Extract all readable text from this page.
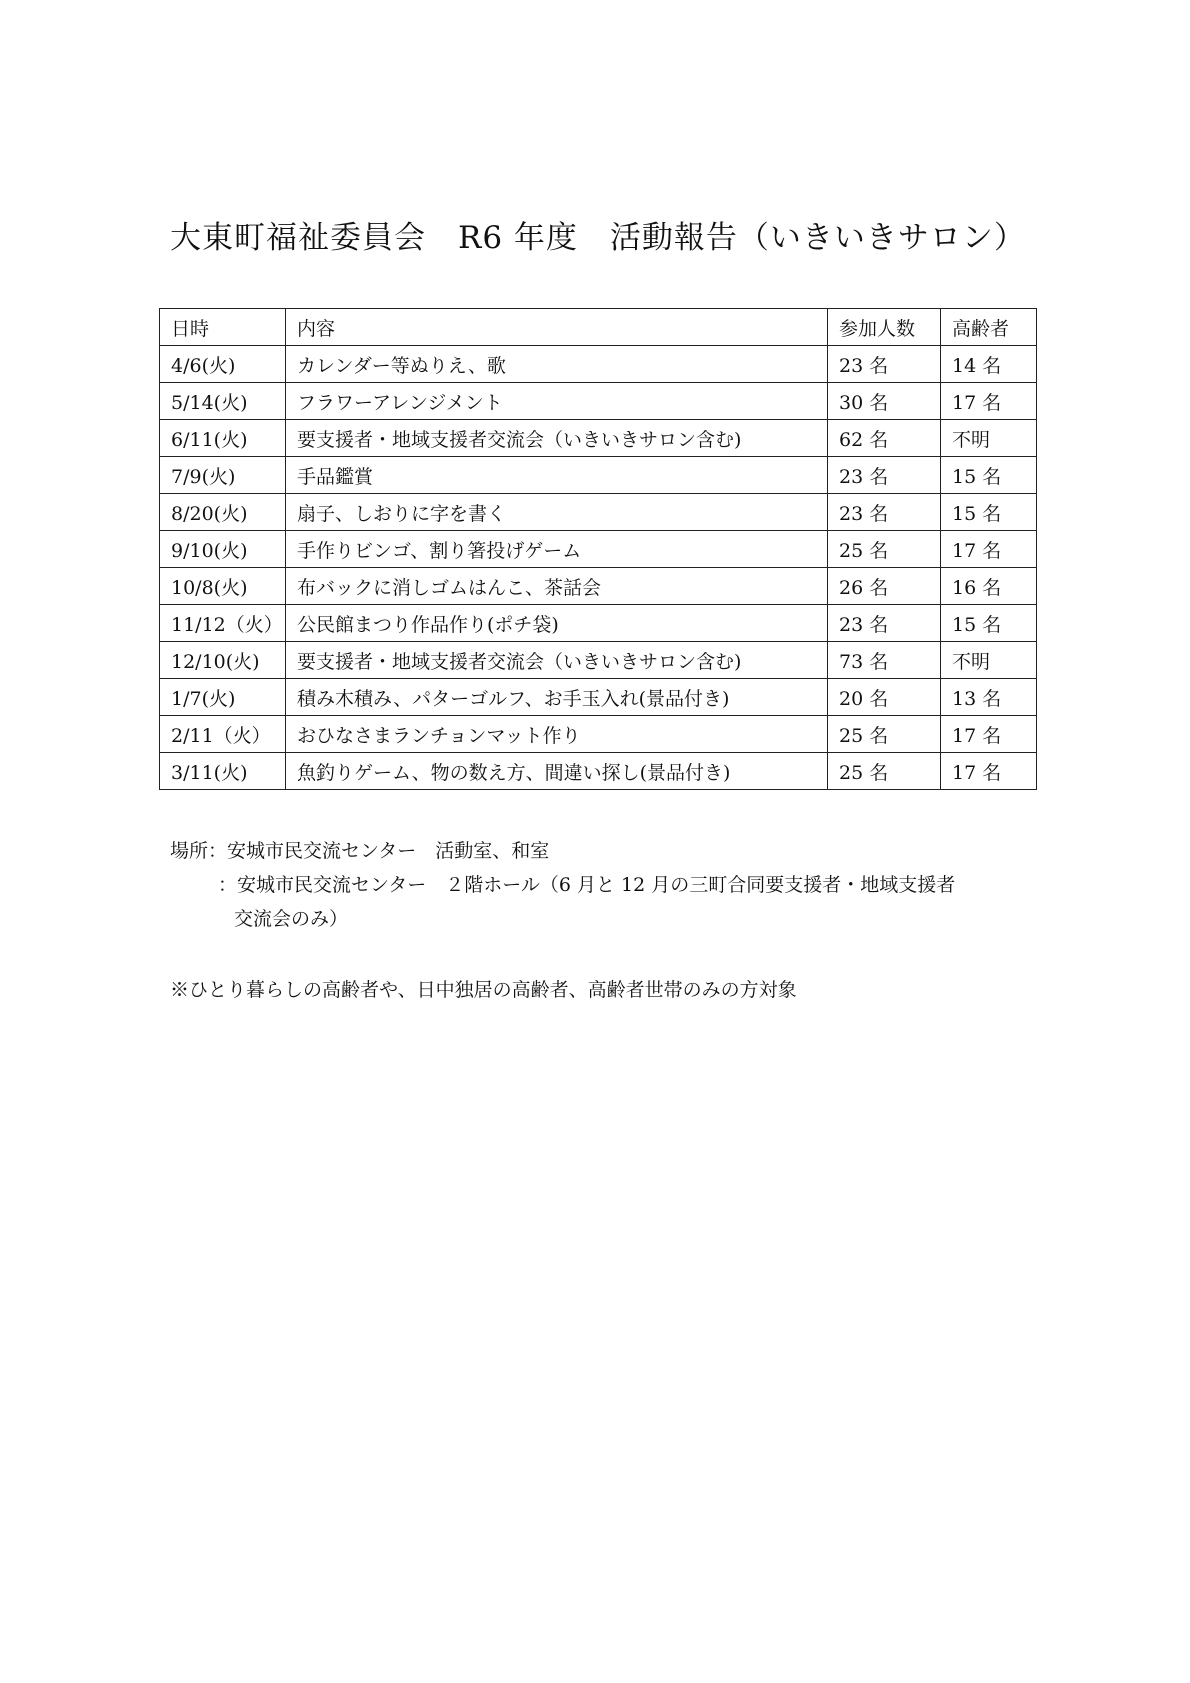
大東町福祉委員会　R6 年度　活動報告（いきいきサロン）
日時	内容	参加人数	高齢者
4/6(火)	カレンダー等ぬりえ、歌	23 名	14 名
5/14(火)	フラワーアレンジメント	30 名	17 名
6/11(火)	要支援者・地域支援者交流会（いきいきサロン含む)	62 名	不明
7/9(火)	手品鑑賞	23 名	15 名
8/20(火)	扇子、しおりに字を書く	23 名	15 名
9/10(火)	手作りビンゴ、割り箸投げゲーム	25 名	17 名
10/8(火)	布バックに消しゴムはんこ、茶話会	26 名	16 名
11/12（火）	公民館まつり作品作り(ポチ袋)	23 名	15 名
12/10(火)	要支援者・地域支援者交流会（いきいきサロン含む)	73 名	不明
1/7(火)	積み木積み、パターゴルフ、お手玉入れ(景品付き)	20 名	13 名
2/11（火）	おひなさまランチョンマット作り	25 名	17 名
3/11(火)	魚釣りゲーム、物の数え方、間違い探し(景品付き)	25 名	17 名
場所：安城市民交流センター　活動室、和室
：安城市民交流センター　２階ホール（6 月と 12 月の三町合同要支援者・地域支援者
交流会のみ）
※ひとり暮らしの高齢者や、日中独居の高齢者、高齢者世帯のみの方対象
